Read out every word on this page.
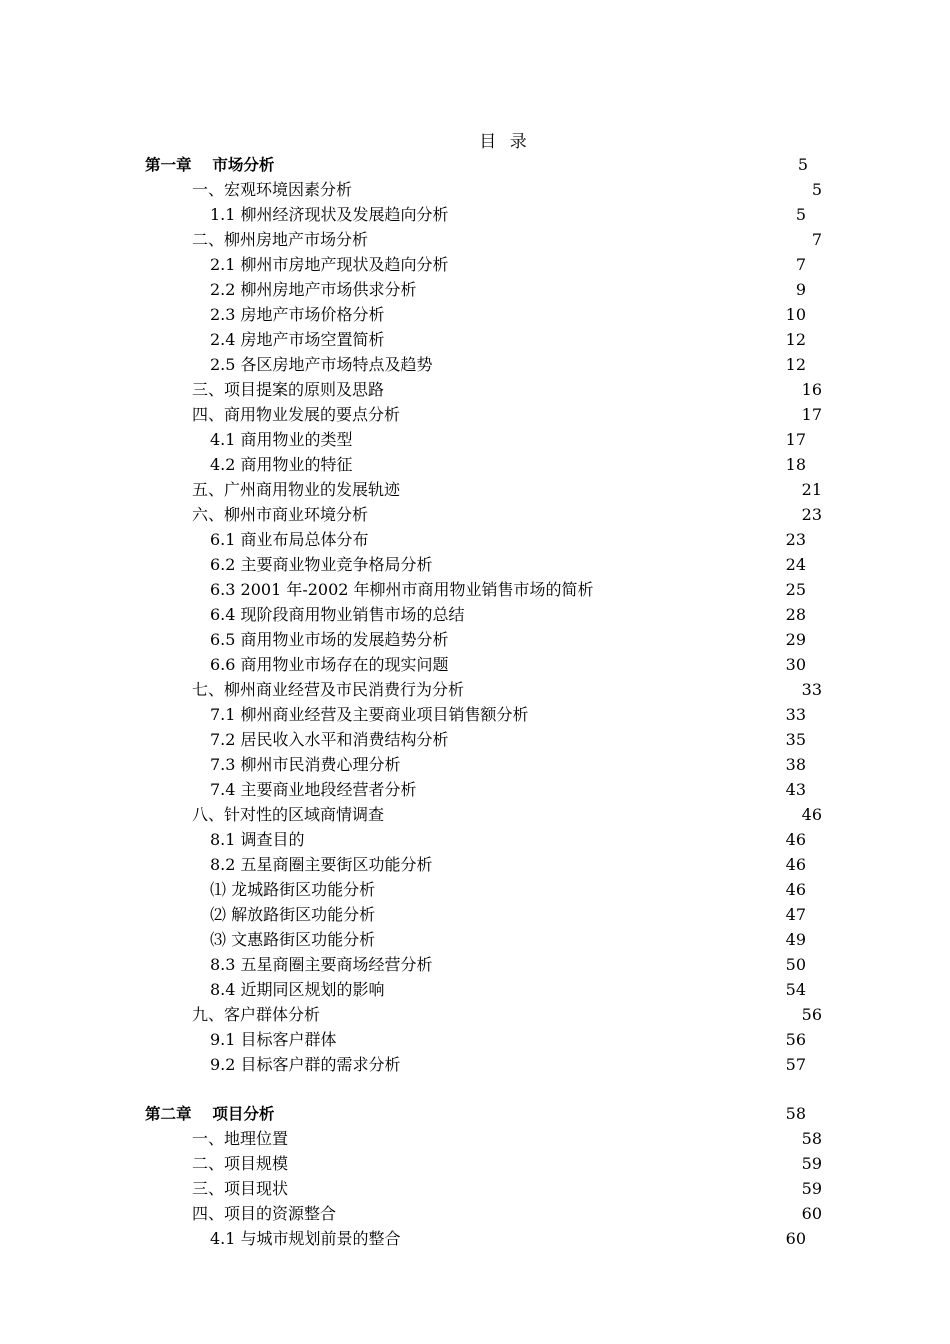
目 录
第一章　 市场分析	5
一、宏观环境因素分析	5
1.1 柳州经济现状及发展趋向分析	5
二、柳州房地产市场分析	7
2.1 柳州市房地产现状及趋向分析	7
2.2 柳州房地产市场供求分析	9
2.3 房地产市场价格分析	10
2.4 房地产市场空置简析	12
2.5 各区房地产市场特点及趋势	12
三、项目提案的原则及思路	16
四、商用物业发展的要点分析	17
4.1 商用物业的类型	17
4.2 商用物业的特征	18
五、广州商用物业的发展轨迹	21
六、柳州市商业环境分析	23
6.1 商业布局总体分布	23
6.2 主要商业物业竞争格局分析	24
6.3 2001 年-2002 年柳州市商用物业销售市场的简析	25
6.4 现阶段商用物业销售市场的总结	28
6.5 商用物业市场的发展趋势分析	29
6.6 商用物业市场存在的现实问题	30
七、柳州商业经营及市民消费行为分析	33
7.1 柳州商业经营及主要商业项目销售额分析	33
7.2 居民收入水平和消费结构分析	35
7.3 柳州市民消费心理分析	38
7.4 主要商业地段经营者分析	43
八、针对性的区域商情调查	46
8.1 调查目的	46
8.2 五星商圈主要街区功能分析	46
⑴ 龙城路街区功能分析	46
⑵ 解放路街区功能分析	47
⑶ 文惠路街区功能分析	49
8.3 五星商圈主要商场经营分析	50
8.4 近期同区规划的影响	54
九、客户群体分析	56
9.1 目标客户群体	56
9.2 目标客户群的需求分析	57
第二章　 项目分析	58
一、地理位置	58
二、项目规模	59
三、项目现状	59
四、项目的资源整合	60
4.1 与城市规划前景的整合	60
